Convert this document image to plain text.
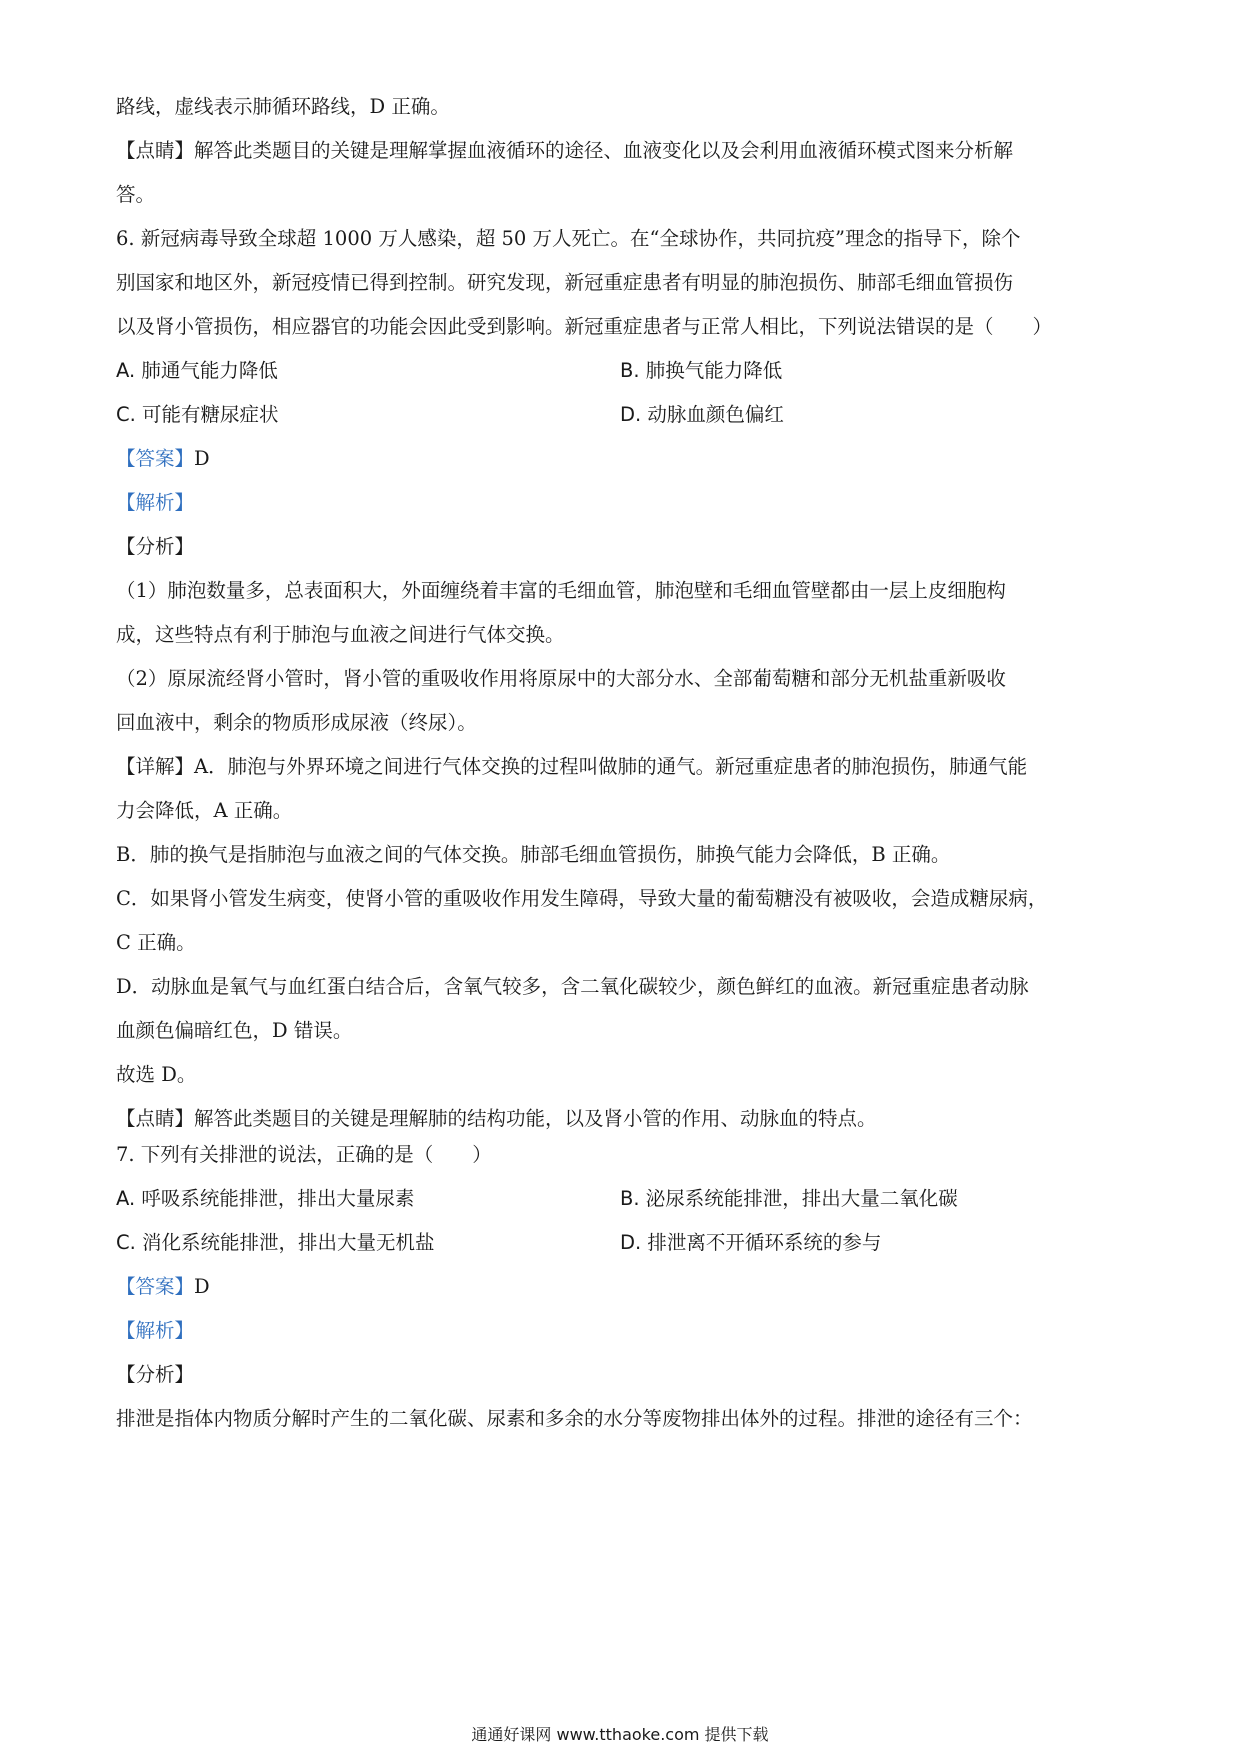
路线，虚线表示肺循环路线，D 正确。
【点睛】解答此类题目的关键是理解掌握血液循环的途径、血液变化以及会利用血液循环模式图来分析解
答。
6. 新冠病毒导致全球超 1000 万人感染，超 50 万人死亡。在“全球协作，共同抗疫”理念的指导下，除个
别国家和地区外，新冠疫情已得到控制。研究发现，新冠重症患者有明显的肺泡损伤、肺部毛细血管损伤
以及肾小管损伤，相应器官的功能会因此受到影响。新冠重症患者与正常人相比，下列说法错误的是（　　）
A. 肺通气能力降低	B. 肺换气能力降低
C. 可能有糖尿症状	D. 动脉血颜色偏红
【答案】D
【解析】
【分析】
（1）肺泡数量多，总表面积大，外面缠绕着丰富的毛细血管，肺泡壁和毛细血管壁都由一层上皮细胞构
成，这些特点有利于肺泡与血液之间进行气体交换。
（2）原尿流经肾小管时，肾小管的重吸收作用将原尿中的大部分水、全部葡萄糖和部分无机盐重新吸收
回血液中，剩余的物质形成尿液（终尿）。
【详解】A．肺泡与外界环境之间进行气体交换的过程叫做肺的通气。新冠重症患者的肺泡损伤，肺通气能
力会降低，A 正确。
B．肺的换气是指肺泡与血液之间的气体交换。肺部毛细血管损伤，肺换气能力会降低，B 正确。
C．如果肾小管发生病变，使肾小管的重吸收作用发生障碍，导致大量的葡萄糖没有被吸收，会造成糖尿病，
C 正确。
D．动脉血是氧气与血红蛋白结合后，含氧气较多，含二氧化碳较少，颜色鲜红的血液。新冠重症患者动脉
血颜色偏暗红色，D 错误。
故选 D。
【点睛】解答此类题目的关键是理解肺的结构功能，以及肾小管的作用、动脉血的特点。
7. 下列有关排泄的说法，正确的是（　　）
A. 呼吸系统能排泄，排出大量尿素	B. 泌尿系统能排泄，排出大量二氧化碳
C. 消化系统能排泄，排出大量无机盐	D. 排泄离不开循环系统的参与
【答案】D
【解析】
【分析】
排泄是指体内物质分解时产生的二氧化碳、尿素和多余的水分等废物排出体外的过程。排泄的途径有三个：
通通好课网 www.tthaoke.com 提供下载
